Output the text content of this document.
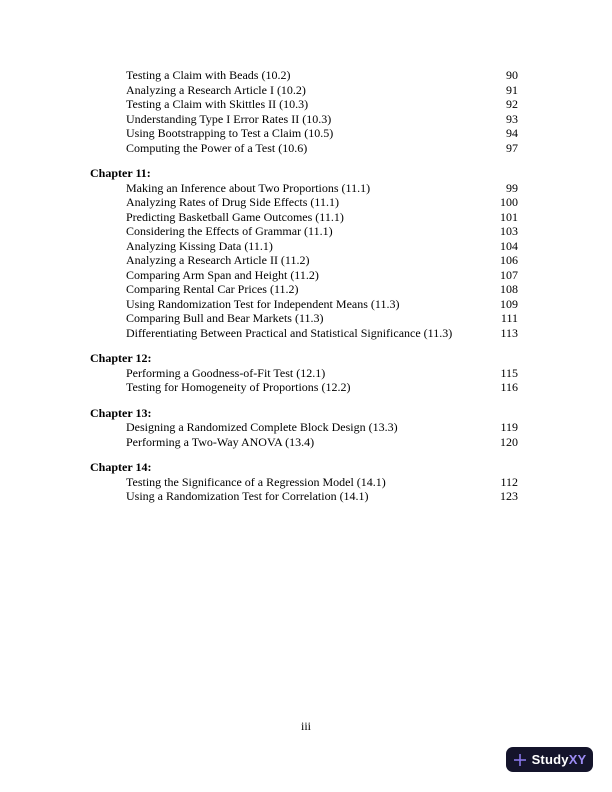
Testing a Claim with Beads (10.2)	90
Analyzing a Research Article I (10.2)	91
Testing a Claim with Skittles II (10.3)	92
Understanding Type I Error Rates II (10.3)	93
Using Bootstrapping to Test a Claim (10.5)	94
Computing the Power of a Test (10.6)	97
Chapter 11:
Making an Inference about Two Proportions (11.1)	99
Analyzing Rates of Drug Side Effects (11.1)	100
Predicting Basketball Game Outcomes (11.1)	101
Considering the Effects of Grammar (11.1)	103
Analyzing Kissing Data (11.1)	104
Analyzing a Research Article II (11.2)	106
Comparing Arm Span and Height (11.2)	107
Comparing Rental Car Prices (11.2)	108
Using Randomization Test for Independent Means (11.3)	109
Comparing Bull and Bear Markets (11.3)	111
Differentiating Between Practical and Statistical Significance (11.3)	113
Chapter 12:
Performing a Goodness-of-Fit Test (12.1)	115
Testing for Homogeneity of Proportions (12.2)	116
Chapter 13:
Designing a Randomized Complete Block Design (13.3)	119
Performing a Two-Way ANOVA (13.4)	120
Chapter 14:
Testing the Significance of a Regression Model (14.1)	112
Using a Randomization Test for Correlation (14.1)	123
iii
StudyXY
